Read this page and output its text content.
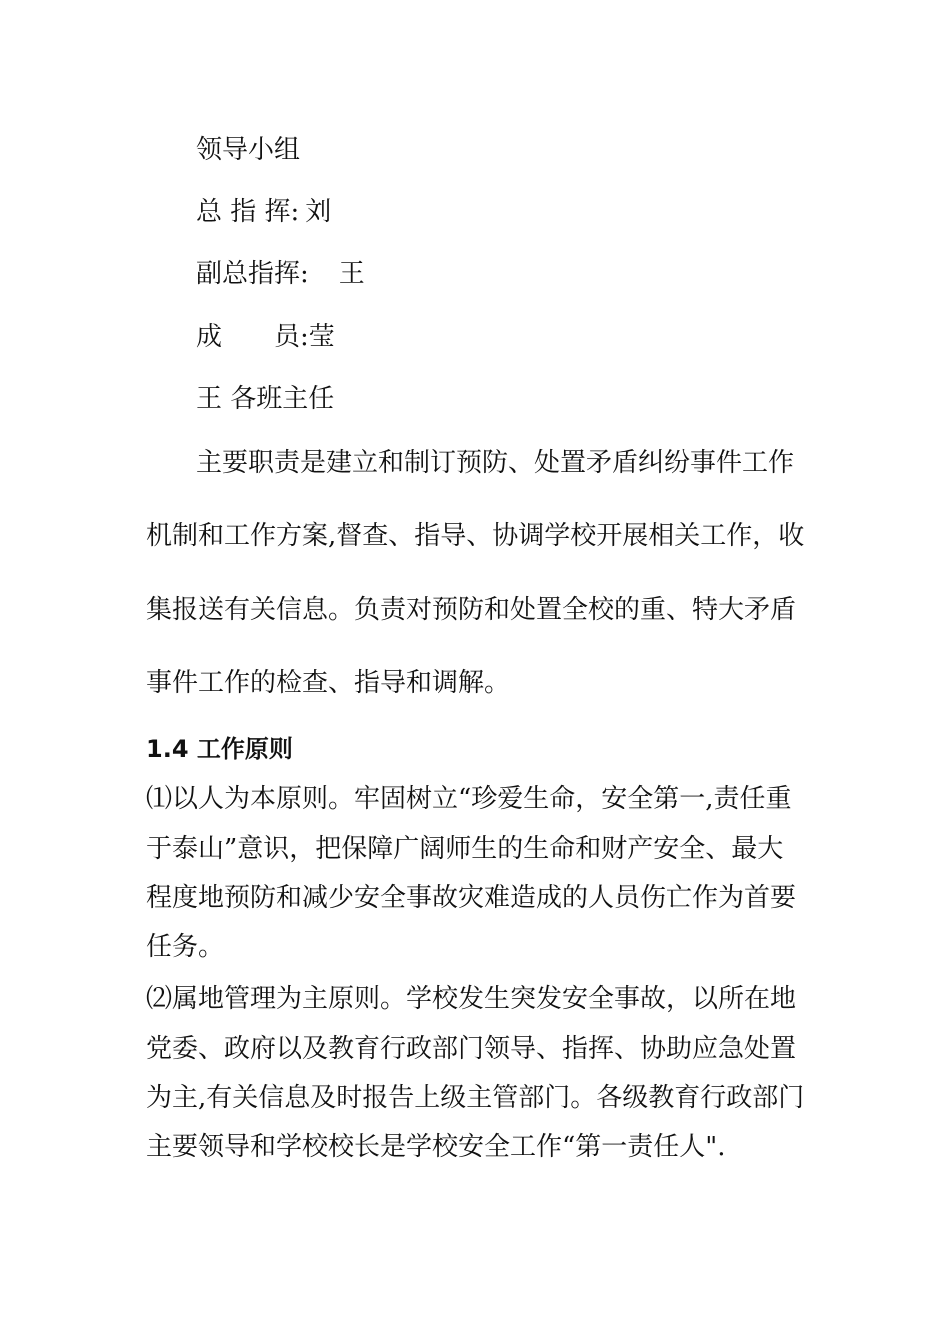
领导小组
总 指 挥: 刘
副总指挥: 王
成 员:莹
王 各班主任
主要职责是建立和制订预防、处置矛盾纠纷事件工作
机制和工作方案,督查、指导、协调学校开展相关工作，收
集报送有关信息。负责对预防和处置全校的重、特大矛盾
事件工作的检查、指导和调解。
1.4 工作原则
⑴以人为本原则。牢固树立“珍爱生命，安全第一,责任重
于泰山”意识，把保障广阔师生的生命和财产安全、最大
程度地预防和减少安全事故灾难造成的人员伤亡作为首要
任务。
⑵属地管理为主原则。学校发生突发安全事故，以所在地
党委、政府以及教育行政部门领导、指挥、协助应急处置
为主,有关信息及时报告上级主管部门。各级教育行政部门
主要领导和学校校长是学校安全工作“第一责任人".
